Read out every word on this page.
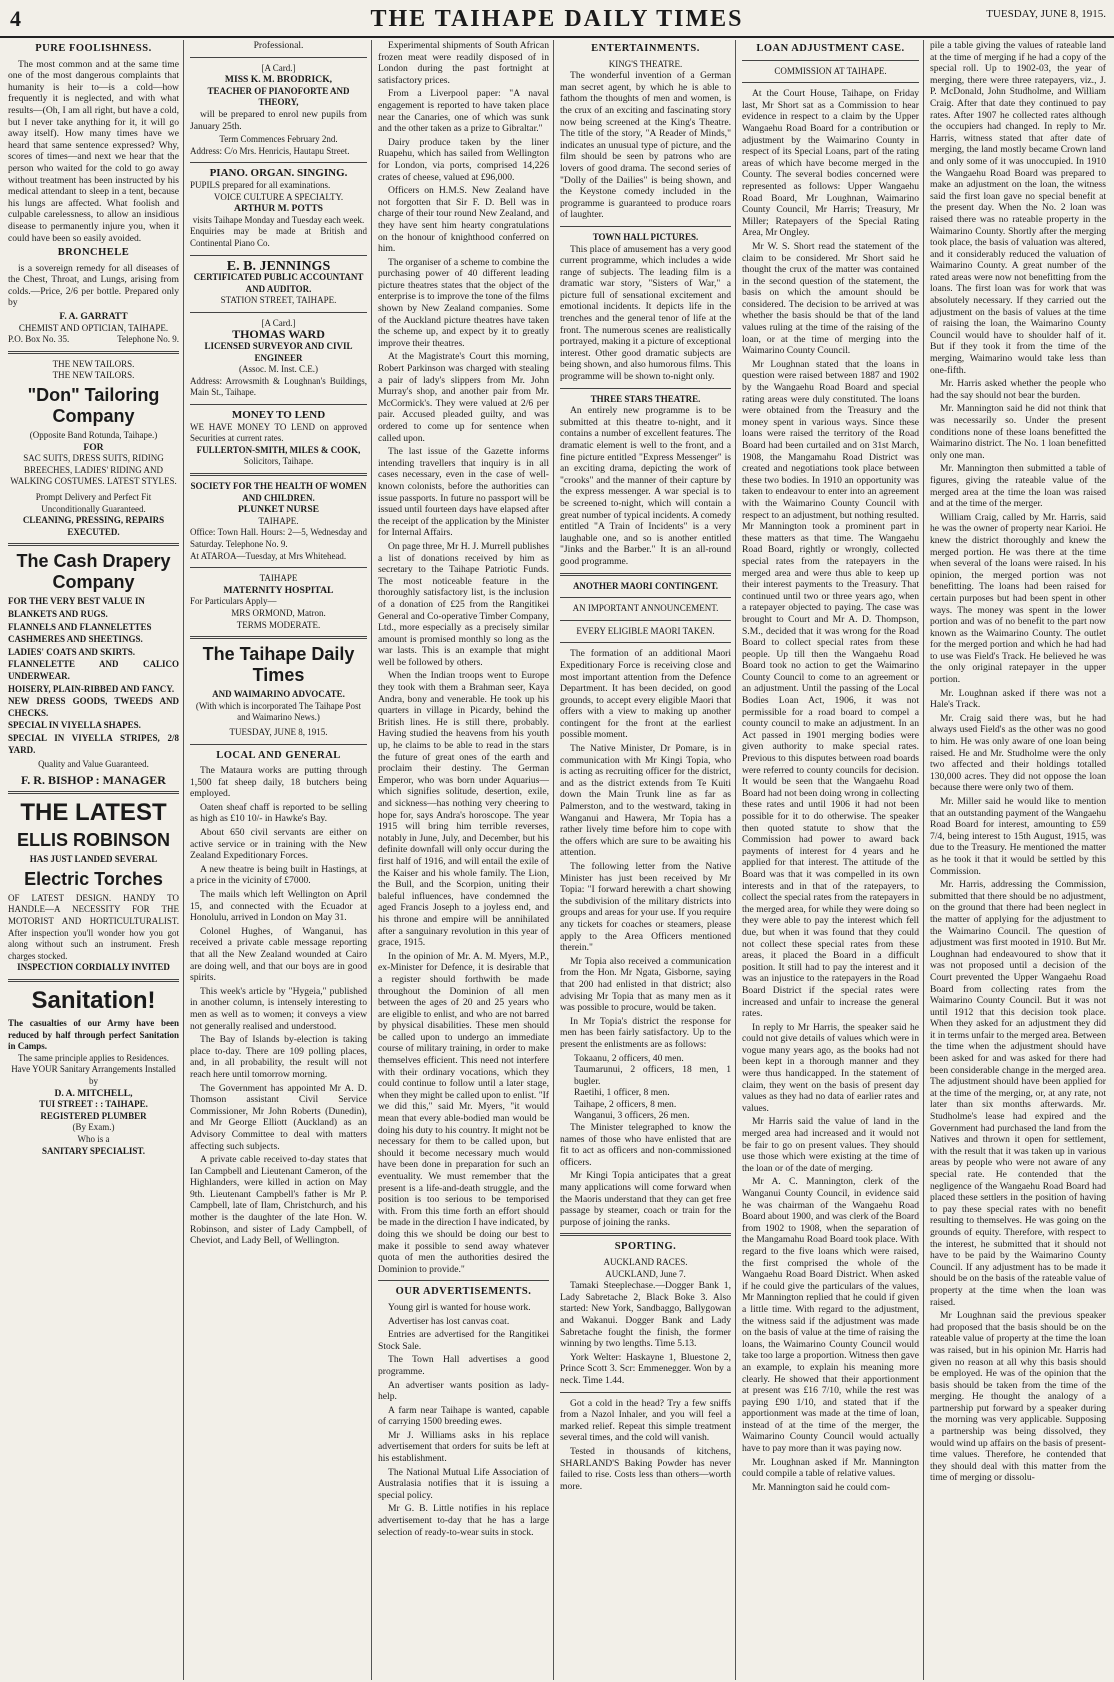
4	THE TAIHAPE DAILY TIMES	TUESDAY, JUNE 8, 1915.
PURE FOOLISHNESS.

The most common and at the same time one of the most dangerous complaints that humanity is heir to—is a cold—how frequently it is neglected, and with what results—(Oh, I am all right, but have a cold, but I never take anything for it, it will go away itself). How many times have we heard that same sentence expressed? Why, scores of times—and next we hear that the person who waited for the cold to go away without treatment has been instructed by his medical attendant to sleep in a tent, because his lungs are affected. What foolish and culpable carelessness, to allow an insidious disease to permanently injure you, when it could have been so easily avoided.

BRONCHELE

is a sovereign remedy for all diseases of the Chest, Throat, and Lungs, arising from colds.—Price, 2/6 per bottle. Prepared only by

F. A. GARRATT
CHEMIST AND OPTICIAN, TAIHAPE.
P.O. Box No. 35.	Telephone No. 9.
THE NEW TAILORS.
THE NEW TAILORS.
"Don" Tailoring Company
(Opposite Band Rotunda, Taihape.)
FOR
SAC SUITS, DRESS SUITS, RIDING BREECHES, LADIES' RIDING AND WALKING COSTUMES. LATEST STYLES.
Prompt Delivery and Perfect Fit Unconditionally Guaranteed.
CLEANING, PRESSING, REPAIRS EXECUTED.
The Cash Drapery Company
FOR THE VERY BEST VALUE IN
BLANKETS AND RUGS.
FLANNELS AND FLANNELETTES
CASHMERES AND SHEETINGS.
LADIES' COATS AND SKIRTS.
FLANNELETTE AND CALICO UNDERWEAR.
HOISERY, PLAIN-RIBBED AND FANCY.
NEW DRESS GOODS, TWEEDS AND CHECKS.
SPECIAL IN VIYELLA SHAPES.
SPECIAL IN VIYELLA STRIPES, 2/8 YARD.
Quality and Value Guaranteed.
F. R. BISHOP : MANAGER
THE LATEST
ELLIS ROBINSON
HAS JUST LANDED SEVERAL
Electric Torches
OF LATEST DESIGN. HANDY TO HANDLE—A NECESSITY FOR THE MOTORIST AND HORTICULTURALIST. After inspection you'll wonder how you got along without such an instrument. Fresh charges stocked.
INSPECTION CORDIALLY INVITED
Sanitation!
The casualties of our Army have been reduced by half through perfect Sanitation in Camps.
The same principle applies to Residences.
Have YOUR Sanitary Arrangements Installed by
D. A. MITCHELL,
TUI STREET : : TAIHAPE.
REGISTERED PLUMBER
(By Exam.)
Who is a
SANITARY SPECIALIST.
Professional.
[A Card.]
MISS K. M. BRODRICK,
TEACHER OF PIANOFORTE AND THEORY,

will be prepared to enrol new pupils from January 25th.

Term Commences February 2nd.
Address: C/o Mrs. Henricis, Hautapu Street.
PIANO. ORGAN. SINGING.
PUPILS prepared for all examinations.
VOICE CULTURE A SPECIALTY.
ARTHUR M. POTTS
visits Taihape Monday and Tuesday each week.
Enquiries may be made at British and Continental Piano Co.
E. B. JENNINGS
CERTIFICATED PUBLIC ACCOUNTANT AND AUDITOR.
STATION STREET, TAIHAPE.
[A Card.]
THOMAS WARD
LICENSED SURVEYOR AND CIVIL ENGINEER
(Assoc. M. Inst. C.E.)
Address: Arrowsmith & Loughnan's Buildings, Main St., Taihape.
MONEY TO LEND
WE HAVE MONEY TO LEND on approved Securities at current rates.
FULLERTON-SMITH, MILES & COOK,
Solicitors, Taihape.
SOCIETY FOR THE HEALTH OF WOMEN AND CHILDREN.
PLUNKET NURSE
TAIHAPE.
Office: Town Hall. Hours: 2—5, Wednesday and Saturday. Telephone No. 9.
At ATAROA—Tuesday, at Mrs Whitehead.
TAIHAPE
MATERNITY HOSPITAL
For Particulars Apply—
MRS ORMOND, Matron.
TERMS MODERATE.
The Taihape Daily Times
AND WAIMARINO ADVOCATE.
(With which is incorporated The Taihape Post and Waimarino News.)
TUESDAY, JUNE 8, 1915.
LOCAL AND GENERAL

The Mataura works are putting through 1,500 fat sheep daily, 18 butchers being employed.

Oaten sheaf chaff is reported to be selling as high as £10 10/- in Hawke's Bay.

About 650 civil servants are either on active service or in training with the New Zealand Expeditionary Forces.

A new theatre is being built in Hastings, at a price in the vicinity of £7000.

The mails which left Wellington on April 15, and connected with the Ecuador at Honolulu, arrived in London on May 31.

Colonel Hughes, of Wanganui, has received a private cable message reporting that all the New Zealand wounded at Cairo are doing well, and that our boys are in good spirits.

This week's article by "Hygeia," published in another column, is intensely interesting to men as well as to women; it conveys a view not generally realised and understood.

The Bay of Islands by-election is taking place to-day. There are 109 polling places, and, in all probability, the result will not reach here until tomorrow morning.

The Government has appointed Mr A. D. Thomson assistant Civil Service Commissioner, Mr John Roberts (Dunedin), and Mr George Elliott (Auckland) as an Advisory Committee to deal with matters affecting such subjects.

A private cable received to-day states that Ian Campbell and Lieutenant Cameron, of the Highlanders, were killed in action on May 9th. Lieutenant Campbell's father is Mr P. Campbell, late of Ilam, Christchurch, and his mother is the daughter of the late Hon. W. Robinson, and sister of Lady Campbell, of Cheviot, and Lady Bell, of Wellington.

Experimental shipments of South African frozen meat were readily disposed of in London during the past fortnight at satisfactory prices.

From a Liverpool paper: "A naval engagement is reported to have taken place near the Canaries, one of which was sunk and the other taken as a prize to Gibraltar."

Dairy produce taken by the liner Ruapehu, which has sailed from Wellington for London, via ports, comprised 14,226 crates of cheese, valued at £96,000.

Officers on H.M.S. New Zealand have not forgotten that Sir F. D. Bell was in charge of their tour round New Zealand, and they have sent him hearty congratulations on the honour of knighthood conferred on him.

The organiser of a scheme to combine the purchasing power of 40 different leading picture theatres states that the object of the enterprise is to improve the tone of the films shown by New Zealand companies. Some of the Auckland picture theatres have taken the scheme up, and expect by it to greatly improve their theatres.

At the Magistrate's Court this morning, Robert Parkinson was charged with stealing a pair of lady's slippers from Mr. John Murray's shop, and another pair from Mr. McCormick's. They were valued at 2/6 per pair. Accused pleaded guilty, and was ordered to come up for sentence when called upon.

The last issue of the Gazette informs intending travellers that inquiry is in all cases necessary, even in the case of well-known colonists, before the authorities can issue passports. In future no passport will be issued until fourteen days have elapsed after the receipt of the application by the Minister for Internal Affairs.

On page three, Mr H. J. Murrell publishes a list of donations received by him as secretary to the Taihape Patriotic Funds. The most noticeable feature in the thoroughly satisfactory list, is the inclusion of a donation of £25 from the Rangitikei General and Co-operative Timber Company, Ltd., more especially as a precisely similar amount is promised monthly so long as the war lasts. This is an example that might well be followed by others.

When the Indian troops went to Europe they took with them a Brahman seer, Kaya Andra, bony and venerable. He took up his quarters in village in Picardy, behind the British lines. He is still there, probably. Having studied the heavens from his youth up, he claims to be able to read in the stars the future of great ones of the earth and proclaim their destiny. The German Emperor, who was born under Aquarius—which signifies solitude, desertion, exile, and sickness—has nothing very cheering to hope for, says Andra's horoscope. The year 1915 will bring him terrible reverses, notably in June, July, and December, but his definite downfall will only occur during the first half of 1916, and will entail the exile of the Kaiser and his whole family. The Lion, the Bull, and the Scorpion, uniting their baleful influences, have condemned the aged Francis Joseph to a joyless end, and his throne and empire will be annihilated after a sanguinary revolution in this year of grace, 1915.

In the opinion of Mr. A. M. Myers, M.P., ex-Minister for Defence, it is desirable that a register should forthwith be made throughout the Dominion of all men between the ages of 20 and 25 years who are eligible to enlist, and who are not barred by physical disabilities. These men should be called upon to undergo an immediate course of military training, in order to make themselves efficient. This need not interfere with their ordinary vocations, which they could continue to follow until a later stage, when they might be called upon to enlist. "If we did this," said Mr. Myers, "it would mean that every able-bodied man would be doing his duty to his country. It might not be necessary for them to be called upon, but should it become necessary much would have been done in preparation for such an eventuality. We must remember that the present is a life-and-death struggle, and the position is too serious to be temporised with. From this time forth an effort should be made in the direction I have indicated, by doing this we should be doing our best to make it possible to send away whatever quota of men the authorities desired the Dominion to provide."

OUR ADVERTISEMENTS.

Young girl is wanted for house work.

Advertiser has lost canvas coat.

Entries are advertised for the Rangitikei Stock Sale.

The Town Hall advertises a good programme.

An advertiser wants position as lady-help.

A farm near Taihape is wanted, capable of carrying 1500 breeding ewes.

Mr J. Williams asks in his replace advertisement that orders for suits be left at his establishment.

The National Mutual Life Association of Australasia notifies that it is issuing a special policy.

Mr G. B. Little notifies in his replace advertisement to-day that he has a large selection of ready-to-wear suits in stock.

ENTERTAINMENTS.
KING'S THEATRE.

The wonderful invention of a German man secret agent, by which he is able to fathom the thoughts of men and women, is the crux of an exciting and fascinating story now being screened at the King's Theatre. The title of the story, "A Reader of Minds," indicates an unusual type of picture, and the film should be seen by patrons who are lovers of good drama. The second series of "Dolly of the Dailies" is being shown, and the Keystone comedy included in the programme is guaranteed to produce roars of laughter.

TOWN HALL PICTURES.

This place of amusement has a very good current programme, which includes a wide range of subjects. The leading film is a dramatic war story, "Sisters of War," a picture full of sensational excitement and emotional incidents. It depicts life in the trenches and the general tenor of life at the front. The numerous scenes are realistically portrayed, making it a picture of exceptional interest. Other good dramatic subjects are being shown, and also humorous films. This programme will be shown to-night only.

THREE STARS THEATRE.

An entirely new programme is to be submitted at this theatre to-night, and it contains a number of excellent features. The dramatic element is well to the front, and a fine picture entitled "Express Messenger" is an exciting drama, depicting the work of "crooks" and the manner of their capture by the express messenger. A war special is to be screened to-night, which will contain a great number of typical incidents. A comedy entitled "A Train of Incidents" is a very laughable one, and so is another entitled "Jinks and the Barber." It is an all-round good programme.

ANOTHER MAORI CONTINGENT.
AN IMPORTANT ANNOUNCEMENT.
EVERY ELIGIBLE MAORI TAKEN.

The formation of an additional Maori Expeditionary Force is receiving close and most important attention from the Defence Department. It has been decided, on good grounds, to accept every eligible Maori that offers with a view to making up another contingent for the front at the earliest possible moment.

The Native Minister, Dr Pomare, is in communication with Mr Kingi Topia, who is acting as recruiting officer for the district, and as the district extends from Te Kuiti down the Main Trunk line as far as Palmerston, and to the westward, taking in Wanganui and Hawera, Mr Topia has a rather lively time before him to cope with the offers which are sure to be awaiting his attention.

The following letter from the Native Minister has just been received by Mr Topia: "I forward herewith a chart showing the subdivision of the military districts into groups and areas for your use. If you require any tickets for coaches or steamers, please apply to the Area Officers mentioned therein."

Mr Topia also received a communication from the Hon. Mr Ngata, Gisborne, saying that 200 had enlisted in that district; also advising Mr Topia that as many men as it was possible to procure, would be taken.

In Mr Topia's district the response for men has been fairly satisfactory. Up to the present the enlistments are as follows:

Tokaanu, 2 officers, 40 men.
Taumarunui, 2 officers, 18 men, 1 bugler.
Raetihi, 1 officer, 8 men.
Taihape, 2 officers, 8 men.
Wanganui, 3 officers, 26 men.

The Minister telegraphed to know the names of those who have enlisted that are fit to act as officers and non-commissioned officers.

Mr Kingi Topia anticipates that a great many applications will come forward when the Maoris understand that they can get free passage by steamer, coach or train for the purpose of joining the ranks.

SPORTING.
AUCKLAND RACES.
AUCKLAND, June 7.

Tamaki Steeplechase.—Dogger Bank 1, Lady Sabretache 2, Black Boke 3. Also started: New York, Sandbaggo, Ballygowan and Wakanui. Dogger Bank and Lady Sabretache fought the finish, the former winning by two lengths. Time 5.13.

York Welter: Haskayne 1, Bluestone 2, Prince Scott 3. Scr: Emmenegger. Won by a neck. Time 1.44.

Got a cold in the head? Try a few sniffs from a Nazol Inhaler, and you will feel a marked relief. Repeat this simple treatment several times, and the cold will vanish.

Tested in thousands of kitchens, SHARLAND'S Baking Powder has never failed to rise. Costs less than others—worth more.

LOAN ADJUSTMENT CASE.
COMMISSION AT TAIHAPE.

At the Court House, Taihape, on Friday last, Mr Short sat as a Commission to hear evidence in respect to a claim by the Upper Wangaehu Road Board for a contribution or adjustment by the Waimarino County in respect of its Special Loans, part of the rating areas of which have become merged in the County. The several bodies concerned were represented as follows: Upper Wangaehu Road Board, Mr Loughnan, Waimarino County Council, Mr Harris; Treasury, Mr Miller; Ratepayers of the Special Rating Area, Mr Ongley.

Mr W. S. Short read the statement of the claim to be considered. Mr Short said he thought the crux of the matter was contained in the second question of the statement, the basis on which the amount should be considered. The decision to be arrived at was whether the basis should be that of the land values ruling at the time of the raising of the loan, or at the time of merging into the Waimarino County Council.

Mr Loughnan stated that the loans in question were raised between 1887 and 1902 by the Wangaehu Road Board and special rating areas were duly constituted. The loans were obtained from the Treasury and the money spent in various ways. Since these loans were raised the territory of the Road Board had been curtailed and on 31st March, 1908, the Mangamahu Road District was created and negotiations took place between these two bodies. In 1910 an opportunity was taken to endeavour to enter into an agreement with the Waimarino County Council with respect to an adjustment, but nothing resulted. Mr Mannington took a prominent part in these matters as that time. The Wangaehu Road Board, rightly or wrongly, collected special rates from the ratepayers in the merged area and were thus able to keep up their interest payments to the Treasury. That continued until two or three years ago, when a ratepayer objected to paying. The case was brought to Court and Mr A. D. Thompson, S.M., decided that it was wrong for the Road Board to collect special rates from these people. Up till then the Wangaehu Road Board took no action to get the Waimarino County Council to come to an agreement or an adjustment. Until the passing of the Local Bodies Loan Act, 1906, it was not permissible for a road board to compel a county council to make an adjustment. In an Act passed in 1901 merging bodies were given authority to make special rates. Previous to this disputes between road boards were referred to county councils for decision. It would be seen that the Wangaehu Road Board had not been doing wrong in collecting these rates and until 1906 it had not been possible for it to do otherwise. The speaker then quoted statute to show that the Commission had power to award back payments of interest for 4 years and he applied for that interest. The attitude of the Board was that it was compelled in its own interests and in that of the ratepayers, to collect the special rates from the ratepayers in the merged area, for while they were doing so they were able to pay the interest which fell due, but when it was found that they could not collect these special rates from these areas, it placed the Board in a difficult position. It still had to pay the interest and it was an injustice to the ratepayers in the Road Board District if the special rates were increased and unfair to increase the general rates.

In reply to Mr Harris, the speaker said he could not give details of values which were in vogue many years ago, as the books had not been kept in a thorough manner and they were thus handicapped. In the statement of claim, they went on the basis of present day values as they had no data of earlier rates and values.

Mr Harris said the value of land in the merged area had increased and it would not be fair to go on present values. They should use those which were existing at the time of the loan or of the date of merging.

Mr A. C. Mannington, clerk of the Wanganui County Council, in evidence said he was chairman of the Wangaehu Road Board about 1900, and was clerk of the Board from 1902 to 1908, when the separation of the Mangamahu Road Board took place. With regard to the five loans which were raised, the first comprised the whole of the Wangaehu Road Board District. When asked if he could give the particulars of the values, Mr Mannington replied that he could if given a little time. With regard to the adjustment, the witness said if the adjustment was made on the basis of value at the time of raising the loans, the Waimarino County Council would take too large a proportion. Witness then gave an example, to explain his meaning more clearly. He showed that their apportionment at present was £16 7/10, while the rest was paying £90 1/10, and stated that if the apportionment was made at the time of loan, instead of at the time of the merger, the Waimarino County Council would actually have to pay more than it was paying now.

Mr. Loughnan asked if Mr. Mannington could compile a table of relative values.

Mr. Mannington said he could com-

pile a table giving the values of rateable land at the time of merging if he had a copy of the special roll. Up to 1902-03, the year of merging, there were three ratepayers, viz., J. P. McDonald, John Studholme, and William Craig. After that date they continued to pay rates. After 1907 he collected rates although the occupiers had changed. In reply to Mr. Harris, witness stated that after date of merging, the land mostly became Crown land and only some of it was unoccupied. In 1910 the Wangaehu Road Board was prepared to make an adjustment on the loan, the witness said the first loan gave no special benefit at the present day. When the No. 2 loan was raised there was no rateable property in the Waimarino County. Shortly after the merging took place, the basis of valuation was altered, and it considerably reduced the valuation of Waimarino County. A great number of the rated areas were now not benefitting from the loans. The first loan was for work that was absolutely necessary. If they carried out the adjustment on the basis of values at the time of raising the loan, the Waimarino County Council would have to shoulder half of it. But if they took it from the time of the merging, Waimarino would take less than one-fifth.

Mr. Harris asked whether the people who had the say should not bear the burden.

Mr. Mannington said he did not think that was necessarily so. Under the present conditions none of these loans benefitted the Waimarino district. The No. 1 loan benefitted only one man.

Mr. Mannington then submitted a table of figures, giving the rateable value of the merged area at the time the loan was raised and at the time of the merger.

William Craig, called by Mr. Harris, said he was the owner of property near Karioi. He knew the district thoroughly and knew the merged portion. He was there at the time when several of the loans were raised. In his opinion, the merged portion was not benefitting. The loans had been raised for certain purposes but had been spent in other ways. The money was spent in the lower portion and was of no benefit to the part now known as the Waimarino County. The outlet for the merged portion and which he had had to use was Field's Track. He believed he was the only original ratepayer in the upper portion.

Mr. Loughnan asked if there was not a Hale's Track.

Mr. Craig said there was, but he had always used Field's as the other was no good to him. He was only aware of one loan being raised. He and Mr. Studholme were the only two affected and their holdings totalled 130,000 acres. They did not oppose the loan because there were only two of them.

Mr. Miller said he would like to mention that an outstanding payment of the Wangaehu Road Board for interest, amounting to £59 7/4, being interest to 15th August, 1915, was due to the Treasury. He mentioned the matter as he took it that it would be settled by this Commission.

Mr. Harris, addressing the Commission, submitted that there should be no adjustment, on the ground that there had been neglect in the matter of applying for the adjustment to the Waimarino Council. The question of adjustment was first mooted in 1910. But Mr. Loughnan had endeavoured to show that it was not proposed until a decision of the Court prevented the Upper Wangaehu Road Board from collecting rates from the Waimarino County Council. But it was not until 1912 that this decision took place. When they asked for an adjustment they did it in terms unfair to the merged area. Between the time when the adjustment should have been asked for and was asked for there had been considerable change in the merged area. The adjustment should have been applied for at the time of the merging, or, at any rate, not later than six months afterwards. Mr. Studholme's lease had expired and the Government had purchased the land from the Natives and thrown it open for settlement, with the result that it was taken up in various areas by people who were not aware of any special rate. He contended that the negligence of the Wangaehu Road Board had placed these settlers in the position of having to pay these special rates with no benefit resulting to themselves. He was going on the grounds of equity. Therefore, with respect to the interest, he submitted that it should not have to be paid by the Waimarino County Council. If any adjustment has to be made it should be on the basis of the rateable value of property at the time when the loan was raised.

Mr Loughnan said the previous speaker had proposed that the basis should be on the rateable value of property at the time the loan was raised, but in his opinion Mr. Harris had given no reason at all why this basis should be employed. He was of the opinion that the basis should be taken from the time of the merging. He thought the analogy of a partnership put forward by a speaker during the morning was very applicable. Supposing a partnership was being dissolved, they would wind up affairs on the basis of present-time values. Therefore, he contended that they should deal with this matter from the time of merging or dissolu-
